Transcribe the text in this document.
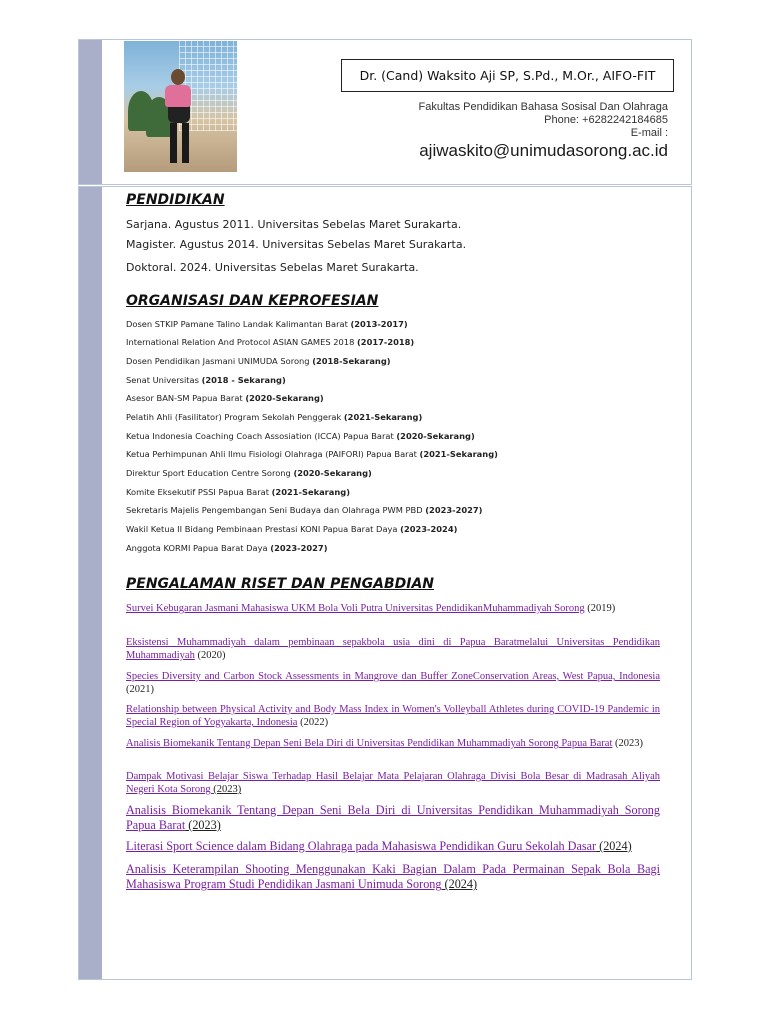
Dr. (Cand) Waksito Aji SP, S.Pd., M.Or., AIFO-FIT
Fakultas Pendidikan Bahasa Sosisal Dan Olahraga
Phone: +6282242184685
E-mail :
ajiwaskito@unimudasorong.ac.id
PENDIDIKAN
Sarjana. Agustus 2011. Universitas Sebelas Maret Surakarta.
Magister. Agustus 2014. Universitas Sebelas Maret Surakarta.
Doktoral. 2024. Universitas Sebelas Maret Surakarta.
ORGANISASI DAN KEPROFESIAN
Dosen STKIP Pamane Talino Landak Kalimantan Barat (2013-2017)
International Relation And Protocol ASIAN GAMES 2018 (2017-2018)
Dosen Pendidikan Jasmani UNIMUDA Sorong (2018-Sekarang)
Senat Universitas (2018 - Sekarang)
Asesor BAN-SM Papua Barat (2020-Sekarang)
Pelatih Ahli (Fasilitator) Program Sekolah Penggerak (2021-Sekarang)
Ketua Indonesia Coaching Coach Assosiation (ICCA) Papua Barat (2020-Sekarang)
Ketua Perhimpunan Ahli Ilmu Fisiologi Olahraga (PAIFORI) Papua Barat (2021-Sekarang)
Direktur Sport Education Centre Sorong (2020-Sekarang)
Komite Eksekutif PSSI Papua Barat (2021-Sekarang)
Sekretaris Majelis Pengembangan Seni Budaya dan Olahraga PWM PBD (2023-2027)
Wakil Ketua II Bidang Pembinaan Prestasi KONI Papua Barat Daya (2023-2024)
Anggota KORMI Papua Barat Daya (2023-2027)
PENGALAMAN RISET DAN PENGABDIAN
Survei Kebugaran Jasmani Mahasiswa UKM Bola Voli Putra Universitas PendidikanMuhammadiyah Sorong (2019)
Eksistensi Muhammadiyah dalam pembinaan sepakbola usia dini di Papua Baratmelalui Universitas Pendidikan Muhammadiyah (2020)
Species Diversity and Carbon Stock Assessments in Mangrove dan Buffer ZoneConservation Areas, West Papua, Indonesia (2021)
Relationship between Physical Activity and Body Mass Index in Women's Volleyball Athletes during COVID-19 Pandemic in Special Region of Yogyakarta, Indonesia (2022)
Analisis Biomekanik Tentang Depan Seni Bela Diri di Universitas Pendidikan Muhammadiyah Sorong Papua Barat (2023)
Dampak Motivasi Belajar Siswa Terhadap Hasil Belajar Mata Pelajaran Olahraga Divisi Bola Besar di Madrasah Aliyah Negeri Kota Sorong (2023)
Analisis Biomekanik Tentang Depan Seni Bela Diri di Universitas Pendidikan Muhammadiyah Sorong Papua Barat (2023)
Literasi Sport Science dalam Bidang Olahraga pada Mahasiswa Pendidikan Guru Sekolah Dasar (2024)
Analisis Keterampilan Shooting Menggunakan Kaki Bagian Dalam Pada Permainan Sepak Bola Bagi Mahasiswa Program Studi Pendidikan Jasmani Unimuda Sorong (2024)
